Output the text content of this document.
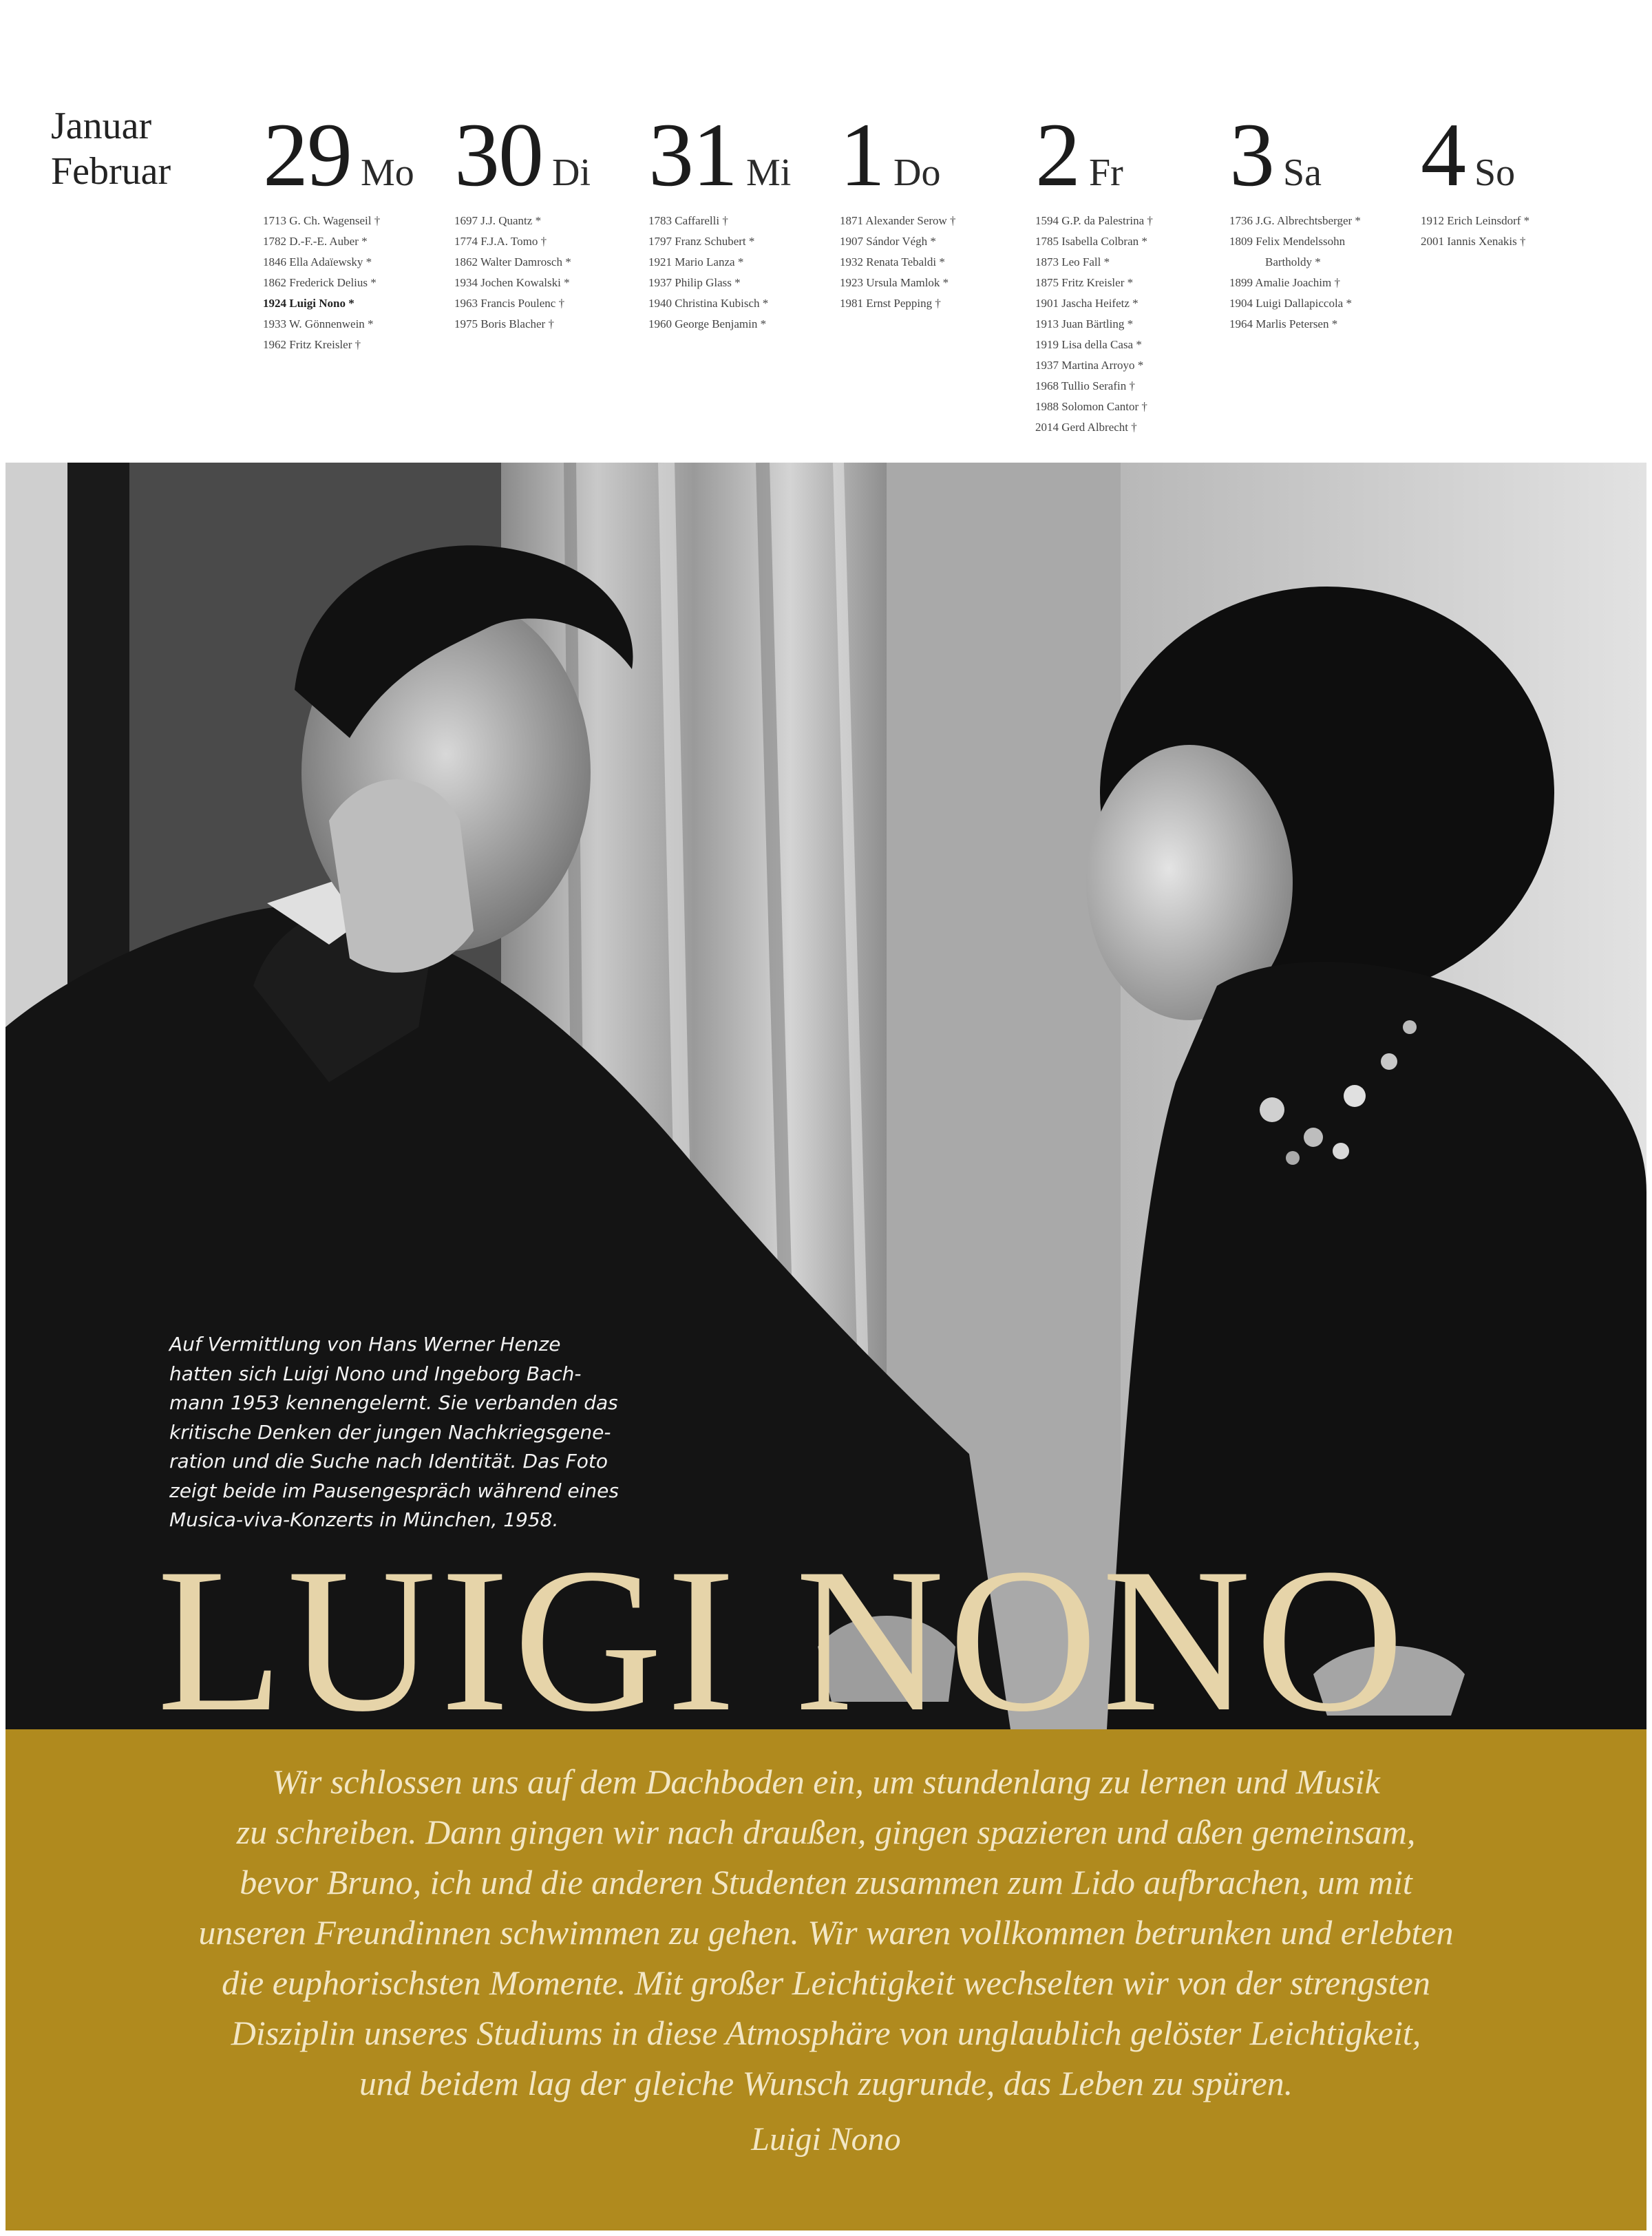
Januar
Februar 29 Mo
1713 G. Ch. Wagenseil †
1782 D.-F.-E. Auber *
1846 Ella Adaïewsky *
1862 Frederick Delius *
1924 Luigi Nono *
1933 W. Gönnenwein *
1962 Fritz Kreisler †
30 Di
1697 J.J. Quantz *
1774 F.J.A. Tomo †
1862 Walter Damrosch *
1934 Jochen Kowalski *
1963 Francis Poulenc †
1975 Boris Blacher †
31 Mi
1783 Caffarelli †
1797 Franz Schubert *
1921 Mario Lanza *
1937 Philip Glass *
1940 Christina Kubisch *
1960 George Benjamin *
1 Do
1871 Alexander Serow †
1907 Sándor Végh *
1932 Renata Tebaldi *
1923 Ursula Mamlok *
1981 Ernst Pepping †
2 Fr
1594 G.P. da Palestrina †
1785 Isabella Colbran *
1873 Leo Fall *
1875 Fritz Kreisler *
1901 Jascha Heifetz *
1913 Juan Bärtling *
1919 Lisa della Casa *
1937 Martina Arroyo *
1968 Tullio Serafin †
1988 Solomon Cantor †
2014 Gerd Albrecht †
3 Sa
1736 J.G. Albrechtsberger *
1809 Felix Mendelssohn
Bartholdy *
1899 Amalie Joachim †
1904 Luigi Dallapiccola *
1964 Marlis Petersen *
4 So
1912 Erich Leinsdorf *
2001 Iannis Xenakis †
Auf Vermittlung von Hans Werner Henze
hatten sich Luigi Nono und Ingeborg Bach-
mann 1953 kennengelernt. Sie verbanden das
kritische Denken der jungen Nachkriegsgene-
ration und die Suche nach Identität. Das Foto
zeigt beide im Pausengespräch während eines
Musica-viva-Konzerts in München, 1958.
LUIGI NONO
Wir schlossen uns auf dem Dachboden ein, um stundenlang zu lernen und Musik
zu schreiben. Dann gingen wir nach draußen, gingen spazieren und aßen gemeinsam,
bevor Bruno, ich und die anderen Studenten zusammen zum Lido aufbrachen, um mit
unseren Freundinnen schwimmen zu gehen. Wir waren vollkommen betrunken und erlebten
die euphorischsten Momente. Mit großer Leichtigkeit wechselten wir von der strengsten
Disziplin unseres Studiums in diese Atmosphäre von unglaublich gelöster Leichtigkeit,
und beidem lag der gleiche Wunsch zugrunde, das Leben zu spüren.
Luigi Nono
